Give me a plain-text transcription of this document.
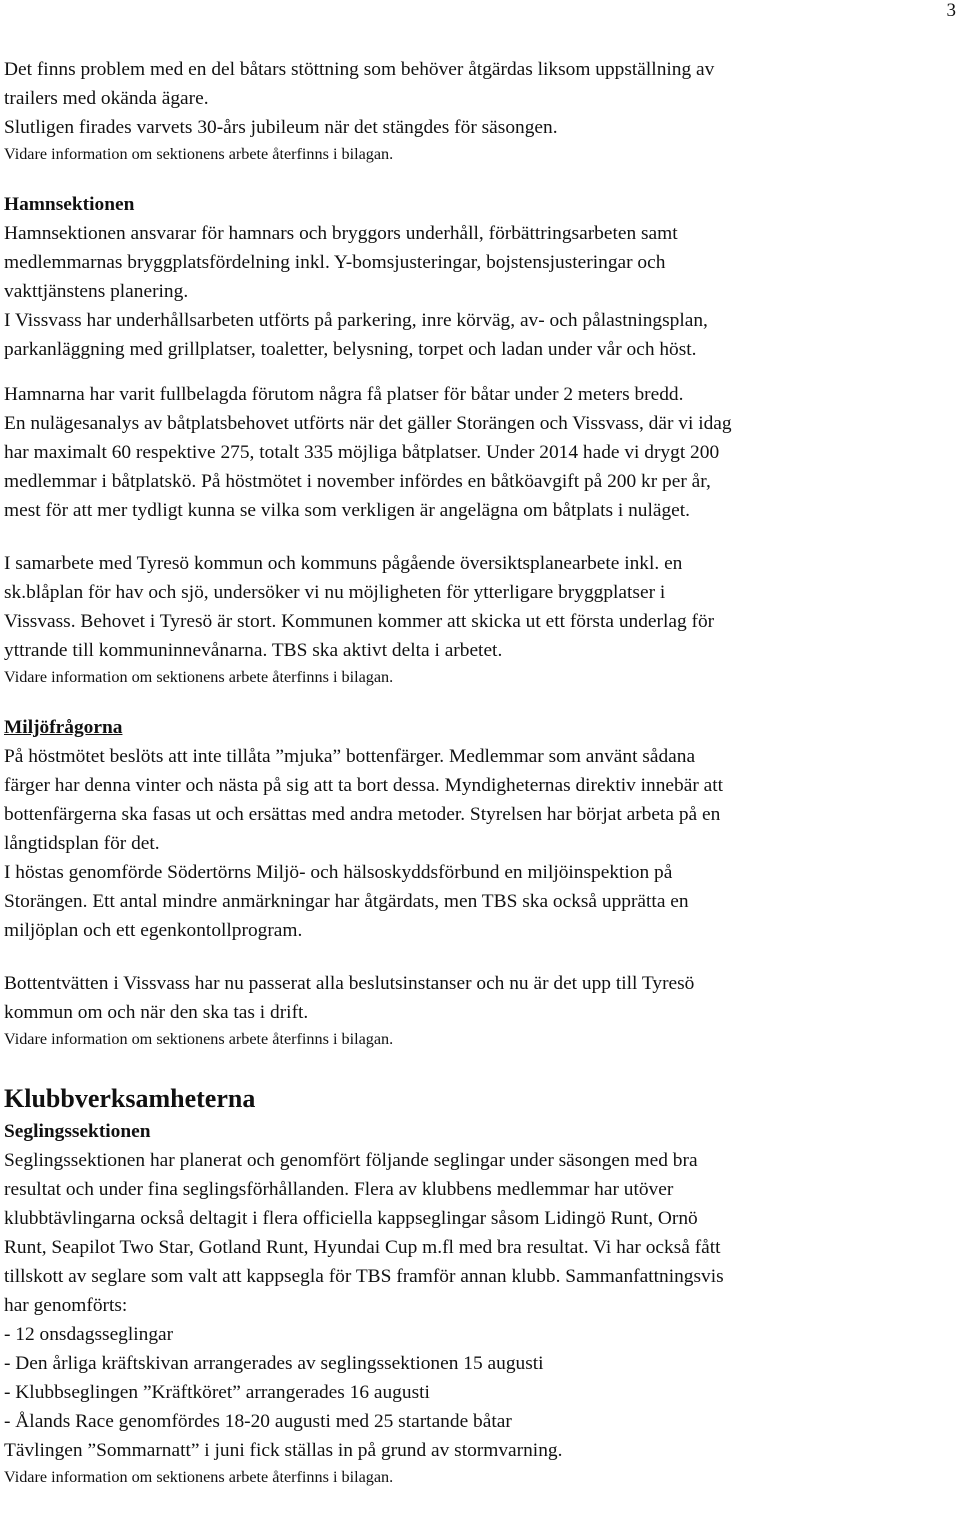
3

Det finns problem med en del båtars stöttning som behöver åtgärdas liksom uppställning av

trailers med okända ägare.

Slutligen firades varvets 30-års jubileum när det stängdes för säsongen.

Vidare information om sektionens arbete återfinns i bilagan.

Hamnsektionen

Hamnsektionen ansvarar för hamnars och bryggors underhåll, förbättringsarbeten samt

medlemmarnas bryggplatsfördelning inkl. Y-bomsjusteringar, bojstensjusteringar och

vakttjänstens planering.

I Vissvass har underhållsarbeten utförts på parkering, inre körväg, av- och pålastningsplan,

parkanläggning med grillplatser, toaletter, belysning, torpet och ladan under vår och höst.

Hamnarna har varit fullbelagda förutom några få platser för båtar under 2 meters bredd.

En nulägesanalys av båtplatsbehovet utförts när det gäller Storängen och Vissvass, där vi idag

har maximalt 60 respektive 275, totalt 335 möjliga båtplatser. Under 2014 hade vi drygt 200

medlemmar i båtplatskö. På höstmötet i november infördes en båtköavgift på 200 kr per år,

mest för att mer tydligt kunna se vilka som verkligen är angelägna om båtplats i nuläget.

I samarbete med Tyresö kommun och kommuns pågående översiktsplanearbete inkl. en

sk.blåplan för hav och sjö, undersöker vi nu möjligheten för ytterligare bryggplatser i

Vissvass. Behovet i Tyresö är stort. Kommunen kommer att skicka ut ett första underlag för

yttrande till kommuninnevånarna. TBS ska aktivt delta i arbetet.

Vidare information om sektionens arbete återfinns i bilagan.

Miljöfrågorna

På höstmötet beslöts att inte tillåta ”mjuka” bottenfärger. Medlemmar som använt sådana

färger har denna vinter och nästa på sig att ta bort dessa. Myndigheternas direktiv innebär att

bottenfärgerna ska fasas ut och ersättas med andra metoder. Styrelsen har börjat arbeta på en

långtidsplan för det.

I höstas genomförde Södertörns Miljö- och hälsoskyddsförbund en miljöinspektion på

Storängen. Ett antal mindre anmärkningar har åtgärdats, men TBS ska också upprätta en

miljöplan och ett egenkontollprogram.

Bottentvätten i Vissvass har nu passerat alla beslutsinstanser och nu är det upp till Tyresö

kommun om och när den ska tas i drift.

Vidare information om sektionens arbete återfinns i bilagan.

Klubbverksamheterna

Seglingssektionen

Seglingssektionen har planerat och genomfört följande seglingar under säsongen med bra

resultat och under fina seglingsförhållanden. Flera av klubbens medlemmar har utöver

klubbtävlingarna också deltagit i flera officiella kappseglingar såsom Lidingö Runt, Ornö

Runt, Seapilot Two Star, Gotland Runt, Hyundai Cup m.fl med bra resultat. Vi har också fått

tillskott av seglare som valt att kappsegla för TBS framför annan klubb. Sammanfattningsvis

har genomförts:

- 12 onsdagsseglingar

- Den årliga kräftskivan arrangerades av seglingssektionen 15 augusti

- Klubbseglingen ”Kräftköret” arrangerades 16 augusti

- Ålands Race genomfördes 18-20 augusti med 25 startande båtar

Tävlingen ”Sommarnatt” i juni fick ställas in på grund av stormvarning.

Vidare information om sektionens arbete återfinns i bilagan.
